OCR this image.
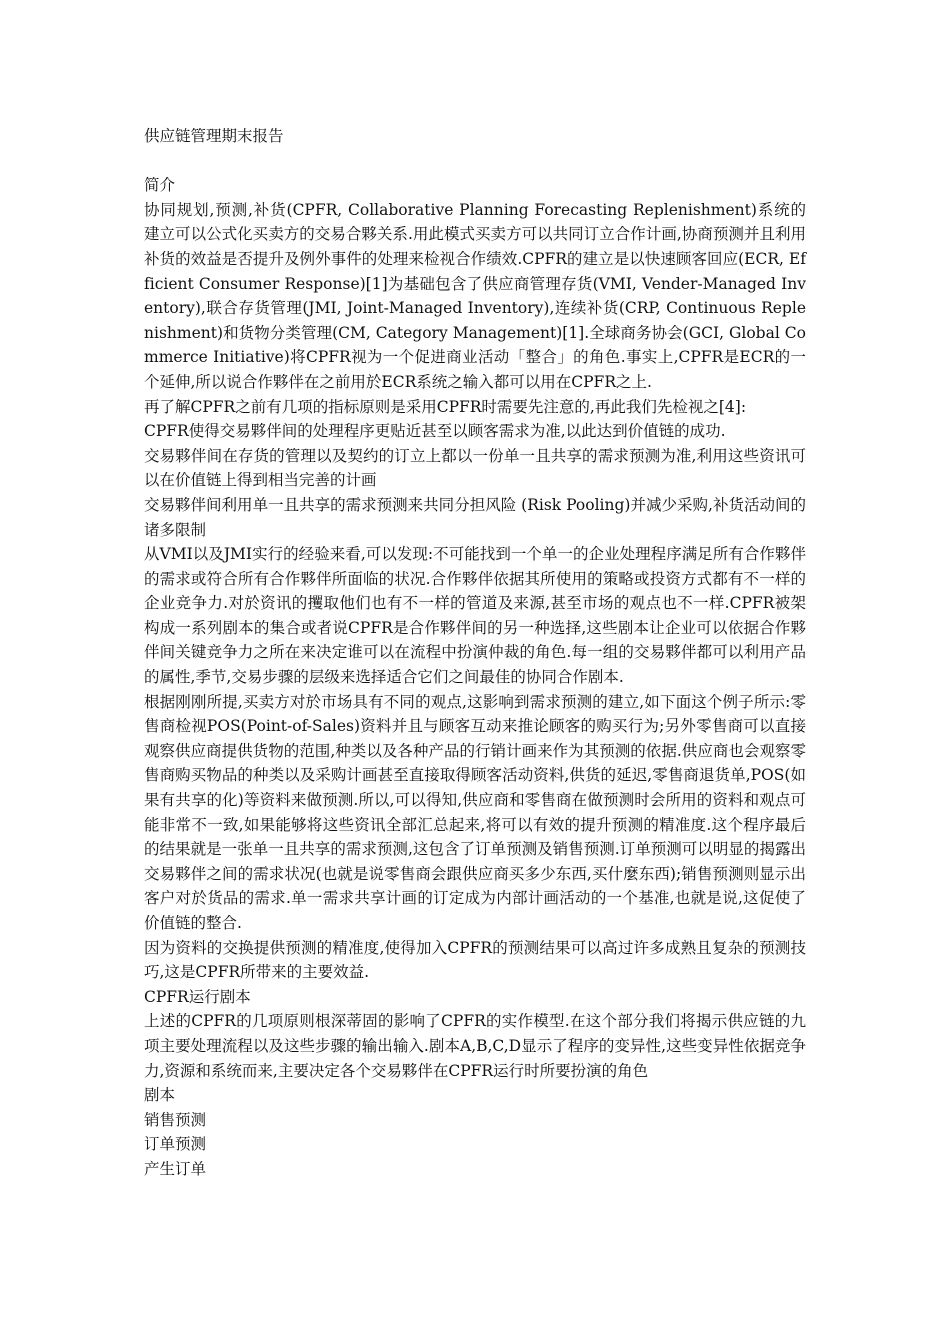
供应链管理期末报告

简介

协同规划,预测,补货(CPFR, Collaborative Planning Forecasting Replenishment)系统的建立可以公式化买卖方的交易合夥关系.用此模式买卖方可以共同订立合作计画,协商预测并且利用补货的效益是否提升及例外事件的处理来检视合作绩效.CPFR的建立是以快速顾客回应(ECR, Efficient Consumer Response)[1]为基础包含了供应商管理存货(VMI, Vender-Managed Inventory),联合存货管理(JMI, Joint-Managed Inventory),连续补货(CRP, Continuous Replenishment)和货物分类管理(CM, Category Management)[1].全球商务协会(GCI, Global Commerce Initiative)将CPFR视为一个促进商业活动「整合」的角色.事实上,CPFR是ECR的一个延伸,所以说合作夥伴在之前用於ECR系统之输入都可以用在CPFR之上.

再了解CPFR之前有几项的指标原则是采用CPFR时需要先注意的,再此我们先检视之[4]:

CPFR使得交易夥伴间的处理程序更贴近甚至以顾客需求为准,以此达到价值链的成功.

交易夥伴间在存货的管理以及契约的订立上都以一份单一且共享的需求预测为准,利用这些资讯可以在价值链上得到相当完善的计画

交易夥伴间利用单一且共享的需求预测来共同分担风险 (Risk Pooling)并减少采购,补货活动间的诸多限制

从VMI以及JMI实行的经验来看,可以发现:不可能找到一个单一的企业处理程序满足所有合作夥伴的需求或符合所有合作夥伴所面临的状况.合作夥伴依据其所使用的策略或投资方式都有不一样的企业竞争力.对於资讯的攫取他们也有不一样的管道及来源,甚至市场的观点也不一样.CPFR被架构成一系列剧本的集合或者说CPFR是合作夥伴间的另一种选择,这些剧本让企业可以依据合作夥伴间关键竞争力之所在来决定谁可以在流程中扮演仲裁的角色.每一组的交易夥伴都可以利用产品的属性,季节,交易步骤的层级来选择适合它们之间最佳的协同合作剧本.

根据刚刚所提,买卖方对於市场具有不同的观点,这影响到需求预测的建立,如下面这个例子所示:零售商检视POS(Point-of-Sales)资料并且与顾客互动来推论顾客的购买行为;另外零售商可以直接观察供应商提供货物的范围,种类以及各种产品的行销计画来作为其预测的依据.供应商也会观察零售商购买物品的种类以及采购计画甚至直接取得顾客活动资料,供货的延迟,零售商退货单,POS(如果有共享的化)等资料来做预测.所以,可以得知,供应商和零售商在做预测时会所用的资料和观点可能非常不一致,如果能够将这些资讯全部汇总起来,将可以有效的提升预测的精准度.这个程序最后的结果就是一张单一且共享的需求预测,这包含了订单预测及销售预测.订单预测可以明显的揭露出交易夥伴之间的需求状况(也就是说零售商会跟供应商买多少东西,买什麼东西);销售预测则显示出客户对於货品的需求.单一需求共享计画的订定成为内部计画活动的一个基准,也就是说,这促使了价值链的整合.

因为资料的交换提供预测的精准度,使得加入CPFR的预测结果可以高过许多成熟且复杂的预测技巧,这是CPFR所带来的主要效益.

CPFR运行剧本

上述的CPFR的几项原则根深蒂固的影响了CPFR的实作模型.在这个部分我们将揭示供应链的九项主要处理流程以及这些步骤的输出输入.剧本A,B,C,D显示了程序的变异性,这些变异性依据竞争力,资源和系统而来,主要决定各个交易夥伴在CPFR运行时所要扮演的角色

剧本

销售预测

订单预测

产生订单
